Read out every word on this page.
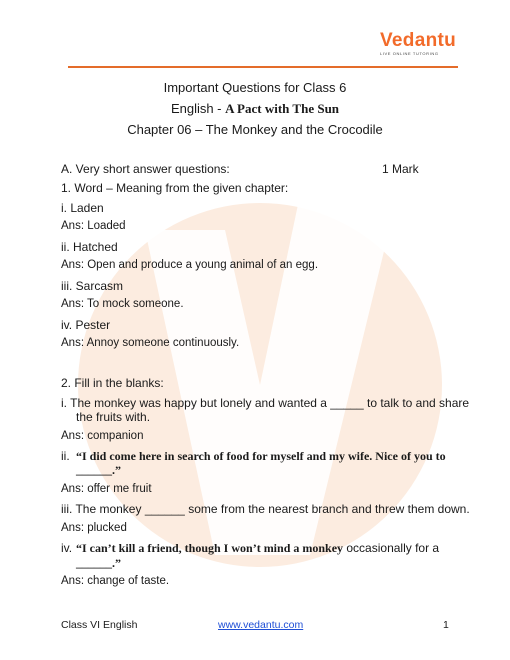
Vedantu
LIVE ONLINE TUTORING
Important Questions for Class 6
English - A Pact with The Sun
Chapter 06 – The Monkey and the Crocodile
A. Very short answer questions:	1 Mark
1. Word – Meaning from the given chapter:
i. Laden
Ans: Loaded
ii. Hatched
Ans: Open and produce a young animal of an egg.
iii. Sarcasm
Ans: To mock someone.
iv. Pester
Ans: Annoy someone continuously.
2. Fill in the blanks:
i. The monkey was happy but lonely and wanted a _____ to talk to and share
the fruits with.
Ans: companion
ii. “I did come here in search of food for myself and my wife. Nice of you to
______.”
Ans: offer me fruit
iii. The monkey ______ some from the nearest branch and threw them down.
Ans: plucked
iv. “I can’t kill a friend, though I won’t mind a monkey occasionally for a
______.”
Ans: change of taste.
Class VI English	www.vedantu.com	1
